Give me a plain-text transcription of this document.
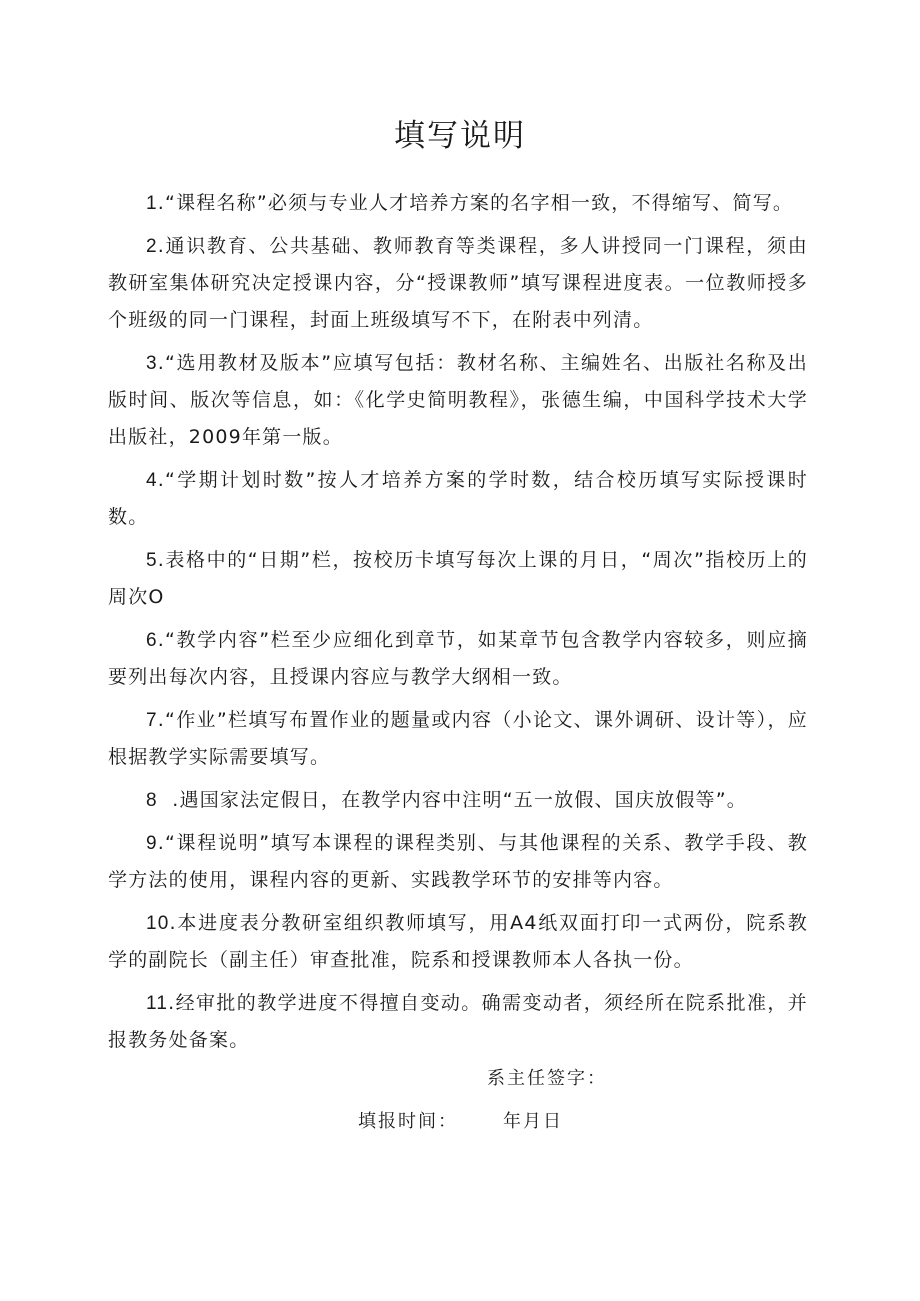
填写说明

1.“课程名称”必须与专业人才培养方案的名字相一致，不得缩写、简写。

2.通识教育、公共基础、教师教育等类课程，多人讲授同一门课程，须由教研室集体研究决定授课内容，分“授课教师”填写课程进度表。一位教师授多个班级的同一门课程，封面上班级填写不下，在附表中列清。

3.“选用教材及版本”应填写包括：教材名称、主编姓名、出版社名称及出版时间、版次等信息，如：《化学史简明教程》，张德生编，中国科学技术大学出版社，2009年第一版。

4.“学期计划时数”按人才培养方案的学时数，结合校历填写实际授课时数。

5.表格中的“日期”栏，按校历卡填写每次上课的月日，“周次”指校历上的周次O

6.“教学内容”栏至少应细化到章节，如某章节包含教学内容较多，则应摘要列出每次内容，且授课内容应与教学大纲相一致。

7.“作业”栏填写布置作业的题量或内容（小论文、课外调研、设计等），应根据教学实际需要填写。

8  .遇国家法定假日，在教学内容中注明“五一放假、国庆放假等”。

9.“课程说明”填写本课程的课程类别、与其他课程的关系、教学手段、教学方法的使用，课程内容的更新、实践教学环节的安排等内容。

10.本进度表分教研室组织教师填写，用A4纸双面打印一式两份，院系教学的副院长（副主任）审查批准，院系和授课教师本人各执一份。

11.经审批的教学进度不得擅自变动。确需变动者，须经所在院系批准，并报教务处备案。

系主任签字：
填报时间：	年月日
